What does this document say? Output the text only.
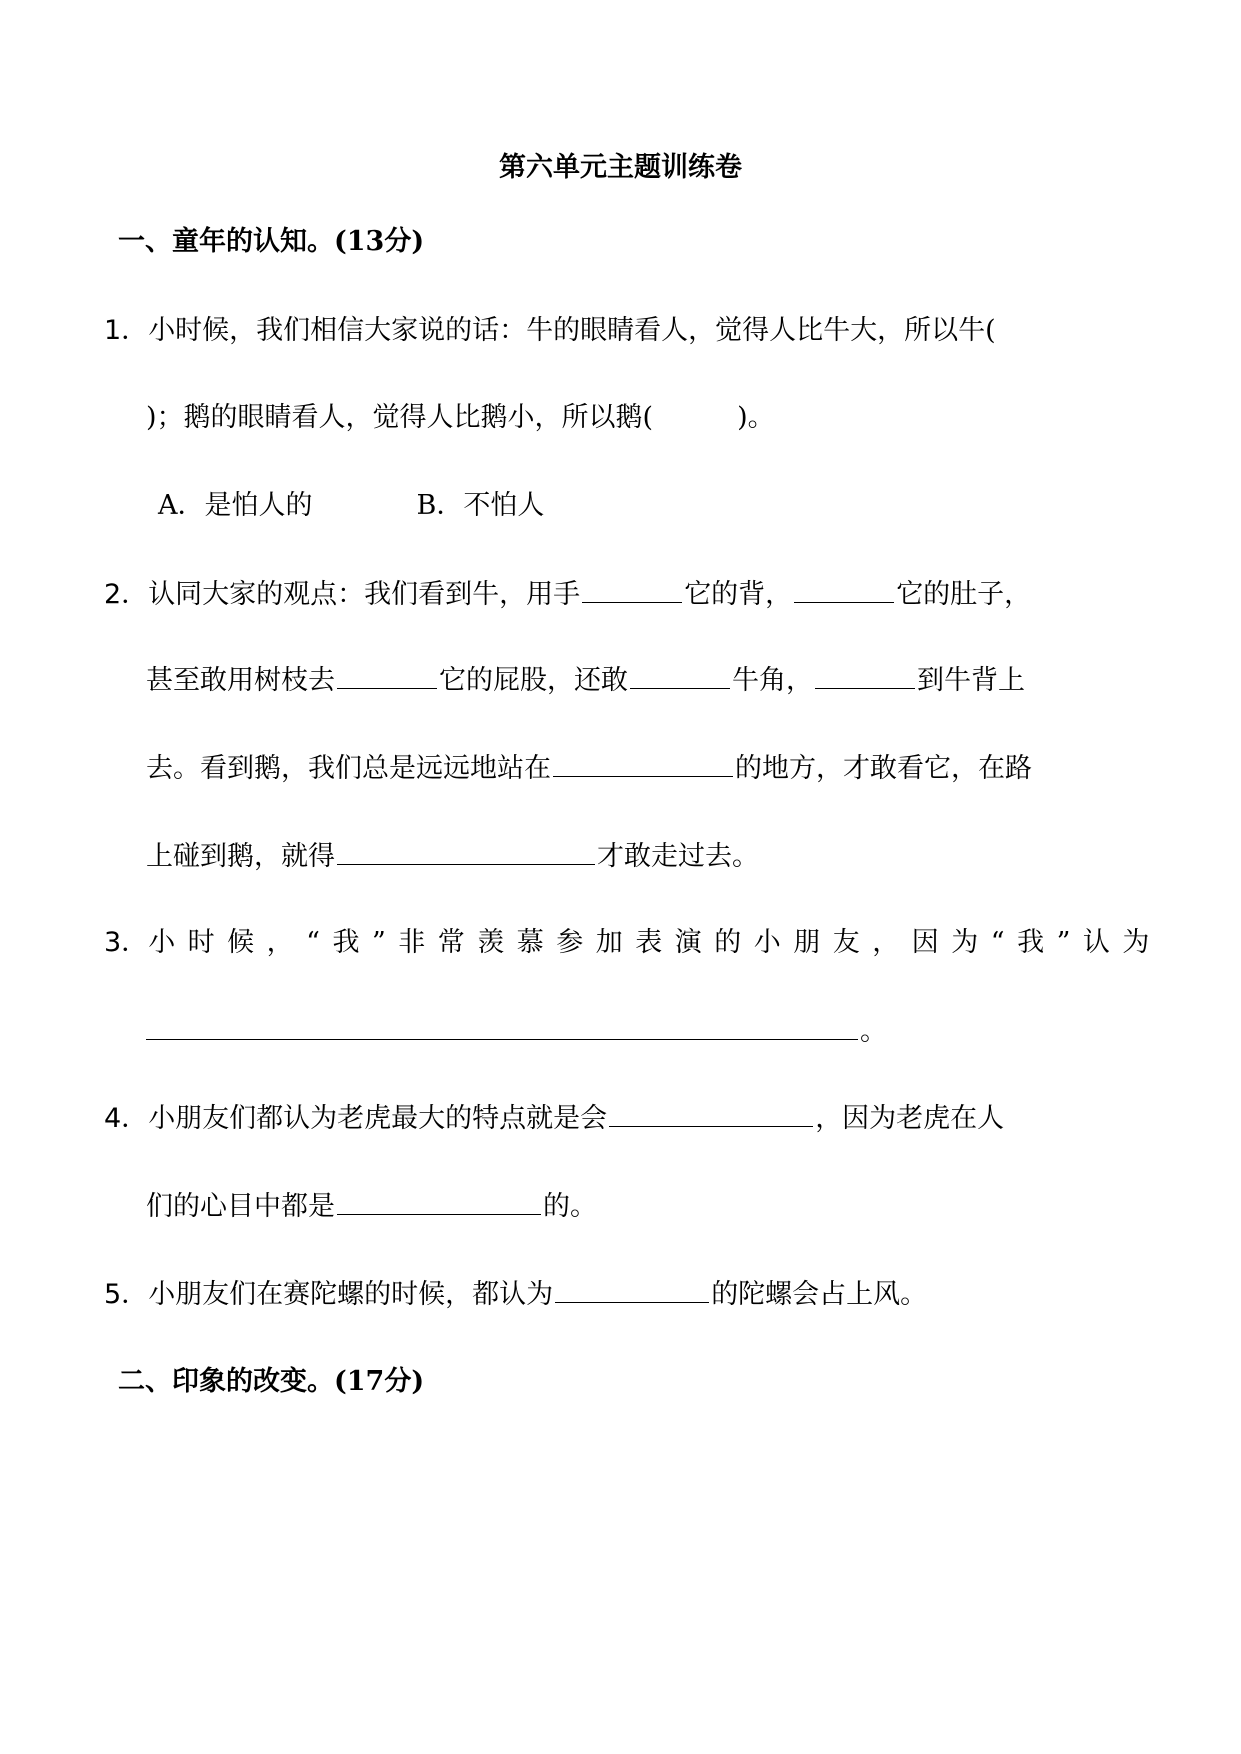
第六单元主题训练卷
一、童年的认知。(13分)
1．小时候，我们相信大家说的话：牛的眼睛看人，觉得人比牛大，所以牛(
)；鹅的眼睛看人，觉得人比鹅小，所以鹅(	)。
A．是怕人的	B．不怕人
2．认同大家的观点：我们看到牛，用手	它的背，	它的肚子，
甚至敢用树枝去	它的屁股，还敢	牛角，	到牛背上
去。看到鹅，我们总是远远地站在	的地方，才敢看它，在路
上碰到鹅，就得	才敢走过去。
3．小时候，“我”非常羡慕参加表演的小朋友，因为“我”认为
。
4．小朋友们都认为老虎最大的特点就是会	，因为老虎在人
们的心目中都是	的。
5．小朋友们在赛陀螺的时候，都认为	的陀螺会占上风。
二、印象的改变。(17分)
